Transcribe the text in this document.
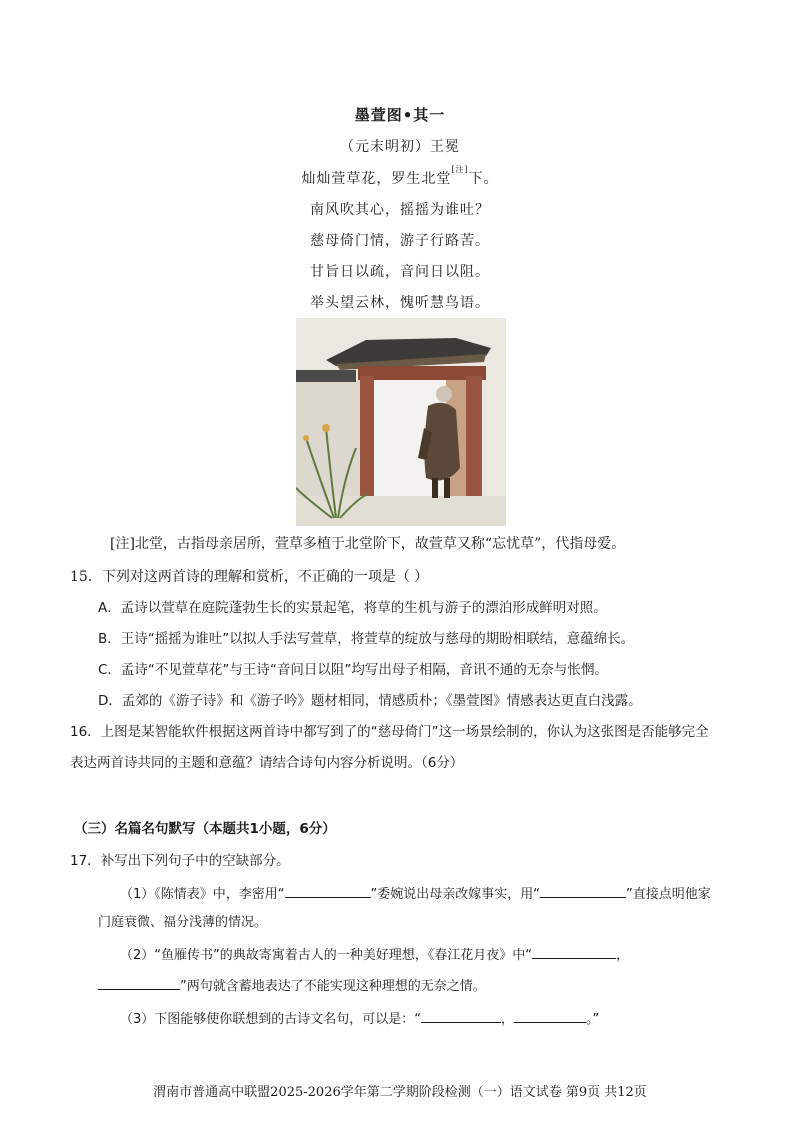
墨萱图•其一
（元末明初）王冕
灿灿萱草花，罗生北堂[注]下。
南风吹其心，摇摇为谁吐？
慈母倚门情，游子行路苦。
甘旨日以疏，音问日以阻。
举头望云林，愧听慧鸟语。
[注]北堂，古指母亲居所，萱草多植于北堂阶下，故萱草又称“忘忧草”，代指母爱。
15．下列对这两首诗的理解和赏析，不正确的一项是（ ）
A．孟诗以萱草在庭院蓬勃生长的实景起笔，将草的生机与游子的漂泊形成鲜明对照。
B．王诗“摇摇为谁吐”以拟人手法写萱草，将萱草的绽放与慈母的期盼相联结，意蕴绵长。
C．孟诗“不见萱草花”与王诗“音问日以阻”均写出母子相隔，音讯不通的无奈与怅惘。
D．孟郊的《游子诗》和《游子吟》题材相同，情感质朴；《墨萱图》情感表达更直白浅露。
16．上图是某智能软件根据这两首诗中都写到了的“慈母倚门”这一场景绘制的，你认为这张图是否能够完全
表达两首诗共同的主题和意蕴？请结合诗句内容分析说明。（6分）
（三）名篇名句默写（本题共1小题，6分）
17．补写出下列句子中的空缺部分。
（1）《陈情表》中，李密用“	”委婉说出母亲改嫁事实，用“	”直接点明他家
门庭衰微、福分浅薄的情况。
（2）“鱼雁传书”的典故寄寓着古人的一种美好理想，《春江花月夜》中“	，
”两句就含蓄地表达了不能实现这种理想的无奈之情。
（3）下图能够使你联想到的古诗文名句，可以是：“	，	。”
渭南市普通高中联盟2025-2026学年第二学期阶段检测（一）语文试卷 第9页 共12页
